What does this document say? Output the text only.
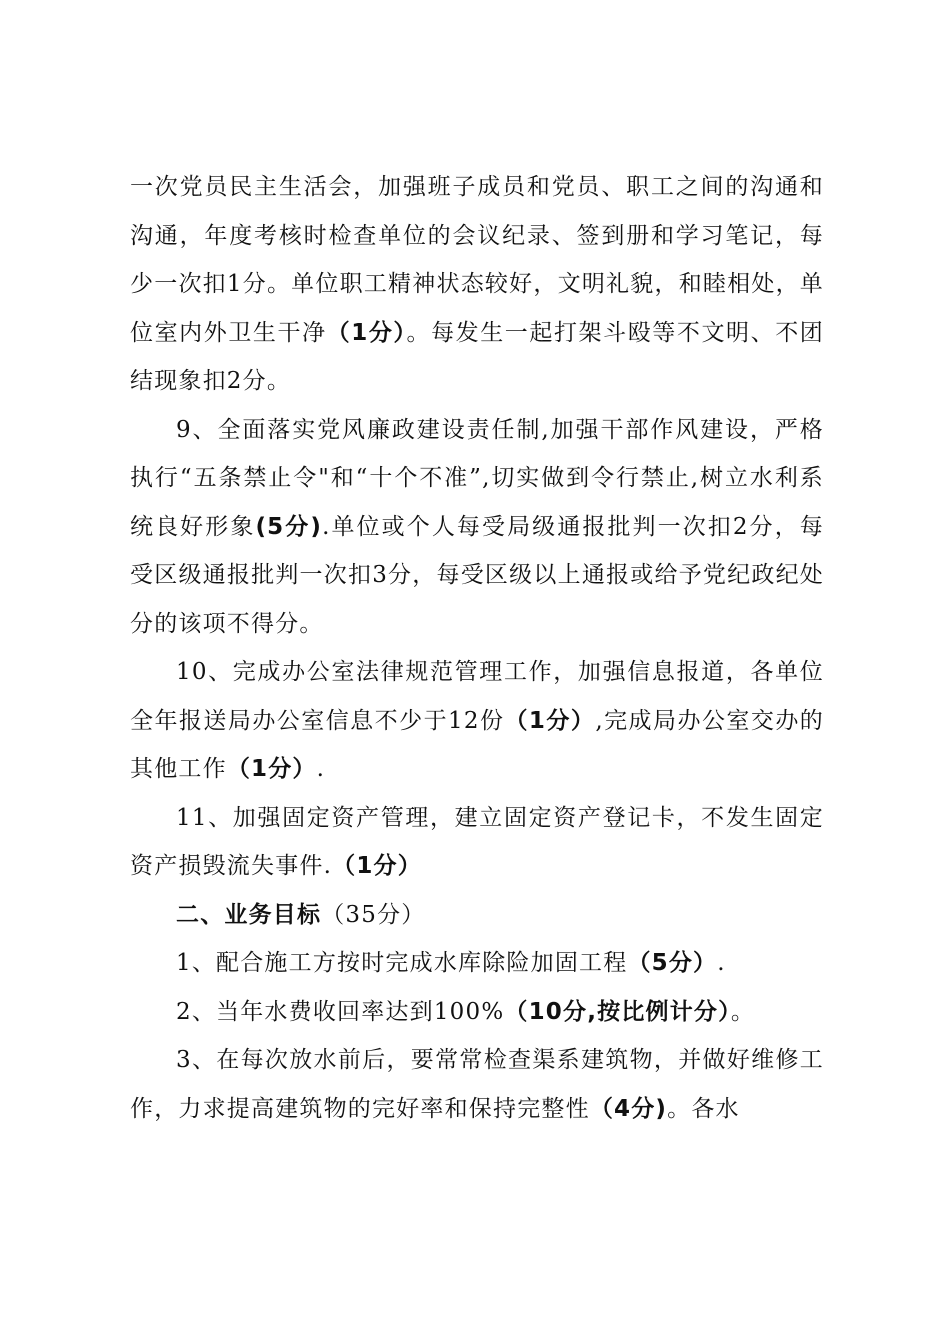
一次党员民主生活会，加强班子成员和党员、职工之间的沟通和沟通，年度考核时检查单位的会议纪录、签到册和学习笔记，每少一次扣1分。单位职工精神状态较好，文明礼貌，和睦相处，单位室内外卫生干净（1分）。每发生一起打架斗殴等不文明、不团结现象扣2分。

9、全面落实党风廉政建设责任制,加强干部作风建设，严格执行“五条禁止令"和“十个不准”,切实做到令行禁止,树立水利系统良好形象(5分).单位或个人每受局级通报批判一次扣2分，每受区级通报批判一次扣3分，每受区级以上通报或给予党纪政纪处分的该项不得分。

10、完成办公室法律规范管理工作，加强信息报道，各单位全年报送局办公室信息不少于12份（1分）,完成局办公室交办的其他工作（1分）.

11、加强固定资产管理，建立固定资产登记卡，不发生固定资产损毁流失事件.（1分）

二、业务目标（35分）

1、配合施工方按时完成水库除险加固工程（5分）.

2、当年水费收回率达到100%（10分,按比例计分）。

3、在每次放水前后，要常常检查渠系建筑物，并做好维修工作，力求提高建筑物的完好率和保持完整性（4分)。各水
